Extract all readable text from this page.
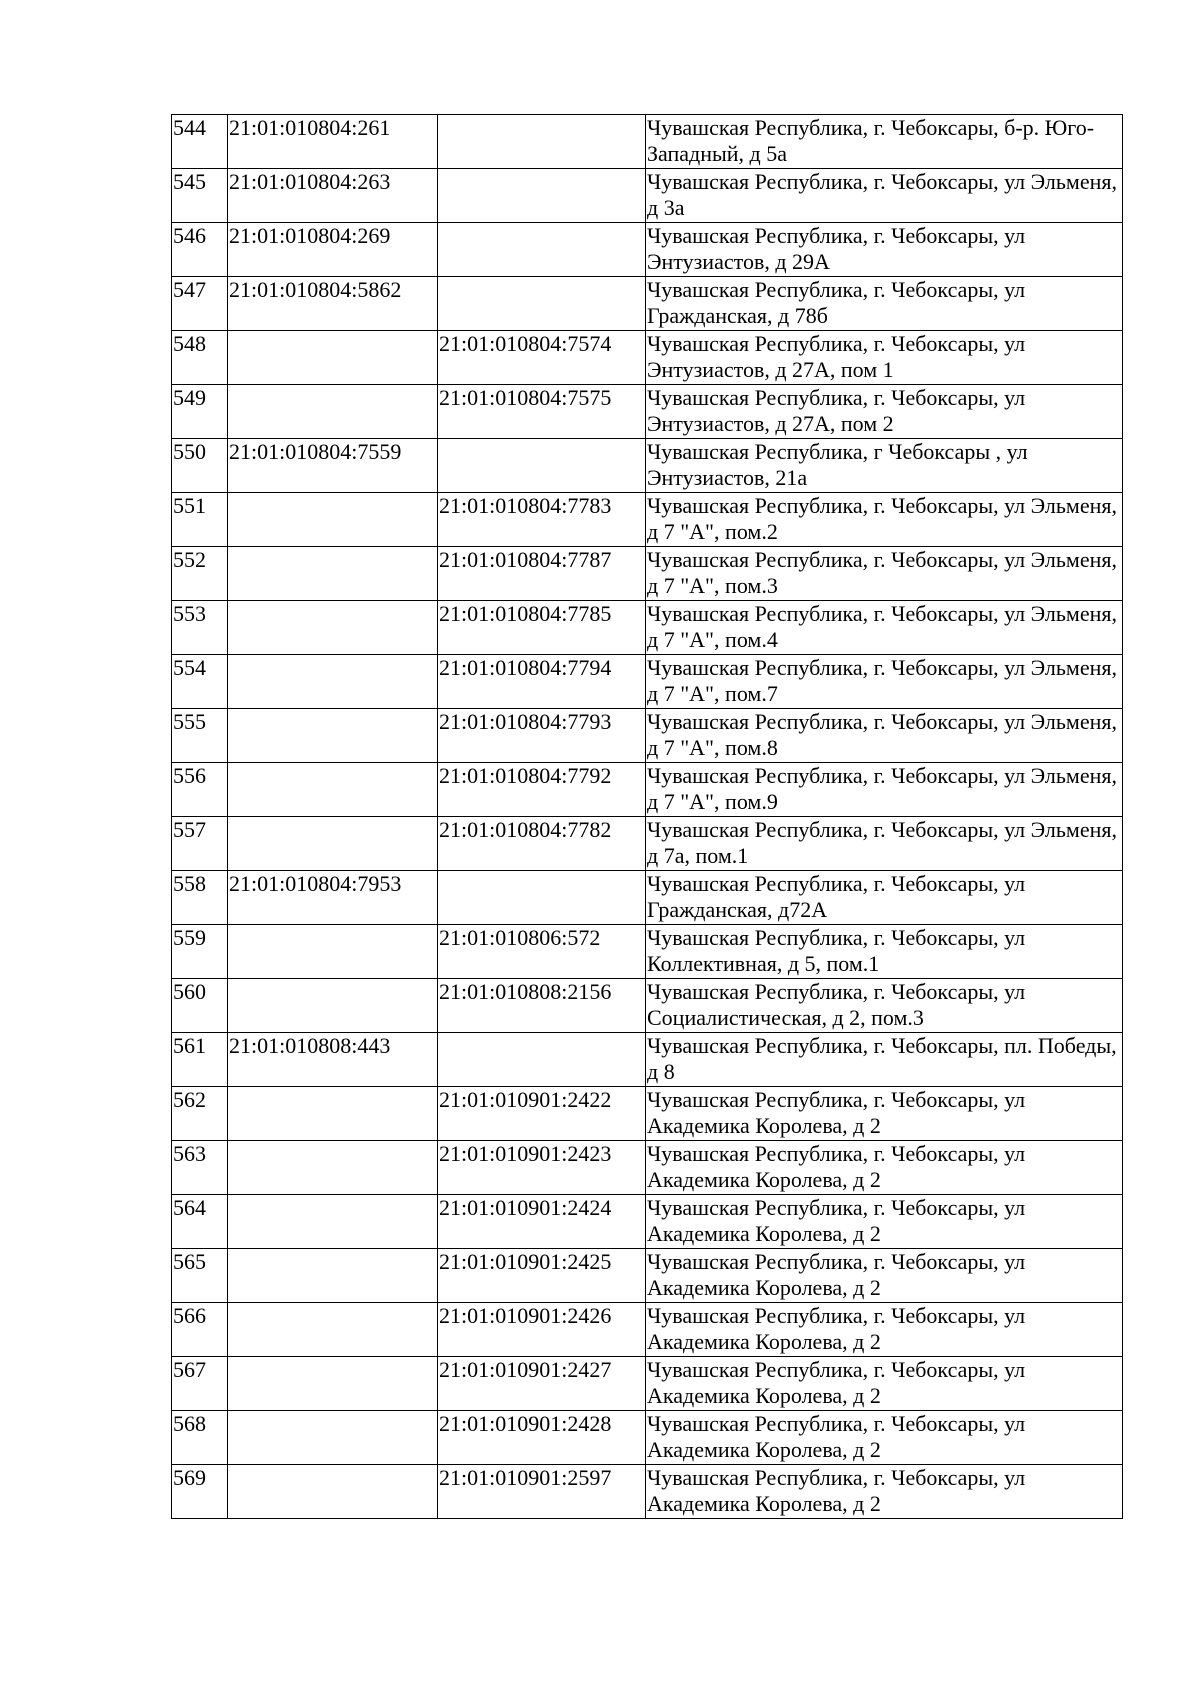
544	21:01:010804:261		Чувашская Республика, г. Чебоксары, б-р. Юго-Западный, д 5а
545	21:01:010804:263		Чувашская Республика, г. Чебоксары, ул Эльменя, д 3а
546	21:01:010804:269		Чувашская Республика, г. Чебоксары, ул Энтузиастов, д 29А
547	21:01:010804:5862		Чувашская Республика, г. Чебоксары, ул Гражданская, д 78б
548		21:01:010804:7574	Чувашская Республика, г. Чебоксары, ул Энтузиастов, д 27А, пом 1
549		21:01:010804:7575	Чувашская Республика, г. Чебоксары, ул Энтузиастов, д 27А, пом 2
550	21:01:010804:7559		Чувашская Республика, г Чебоксары , ул Энтузиастов, 21а
551		21:01:010804:7783	Чувашская Республика, г. Чебоксары, ул Эльменя, д 7 "А", пом.2
552		21:01:010804:7787	Чувашская Республика, г. Чебоксары, ул Эльменя, д 7 "А", пом.3
553		21:01:010804:7785	Чувашская Республика, г. Чебоксары, ул Эльменя, д 7 "А", пом.4
554		21:01:010804:7794	Чувашская Республика, г. Чебоксары, ул Эльменя, д 7 "А", пом.7
555		21:01:010804:7793	Чувашская Республика, г. Чебоксары, ул Эльменя, д 7 "А", пом.8
556		21:01:010804:7792	Чувашская Республика, г. Чебоксары, ул Эльменя, д 7 "А", пом.9
557		21:01:010804:7782	Чувашская Республика, г. Чебоксары, ул Эльменя, д 7а, пом.1
558	21:01:010804:7953		Чувашская Республика, г. Чебоксары, ул Гражданская, д72А
559		21:01:010806:572	Чувашская Республика, г. Чебоксары, ул Коллективная, д 5, пом.1
560		21:01:010808:2156	Чувашская Республика, г. Чебоксары, ул Социалистическая, д 2, пом.3
561	21:01:010808:443		Чувашская Республика, г. Чебоксары, пл. Победы, д 8
562		21:01:010901:2422	Чувашская Республика, г. Чебоксары, ул Академика Королева, д 2
563		21:01:010901:2423	Чувашская Республика, г. Чебоксары, ул Академика Королева, д 2
564		21:01:010901:2424	Чувашская Республика, г. Чебоксары, ул Академика Королева, д 2
565		21:01:010901:2425	Чувашская Республика, г. Чебоксары, ул Академика Королева, д 2
566		21:01:010901:2426	Чувашская Республика, г. Чебоксары, ул Академика Королева, д 2
567		21:01:010901:2427	Чувашская Республика, г. Чебоксары, ул Академика Королева, д 2
568		21:01:010901:2428	Чувашская Республика, г. Чебоксары, ул Академика Королева, д 2
569		21:01:010901:2597	Чувашская Республика, г. Чебоксары, ул Академика Королева, д 2
